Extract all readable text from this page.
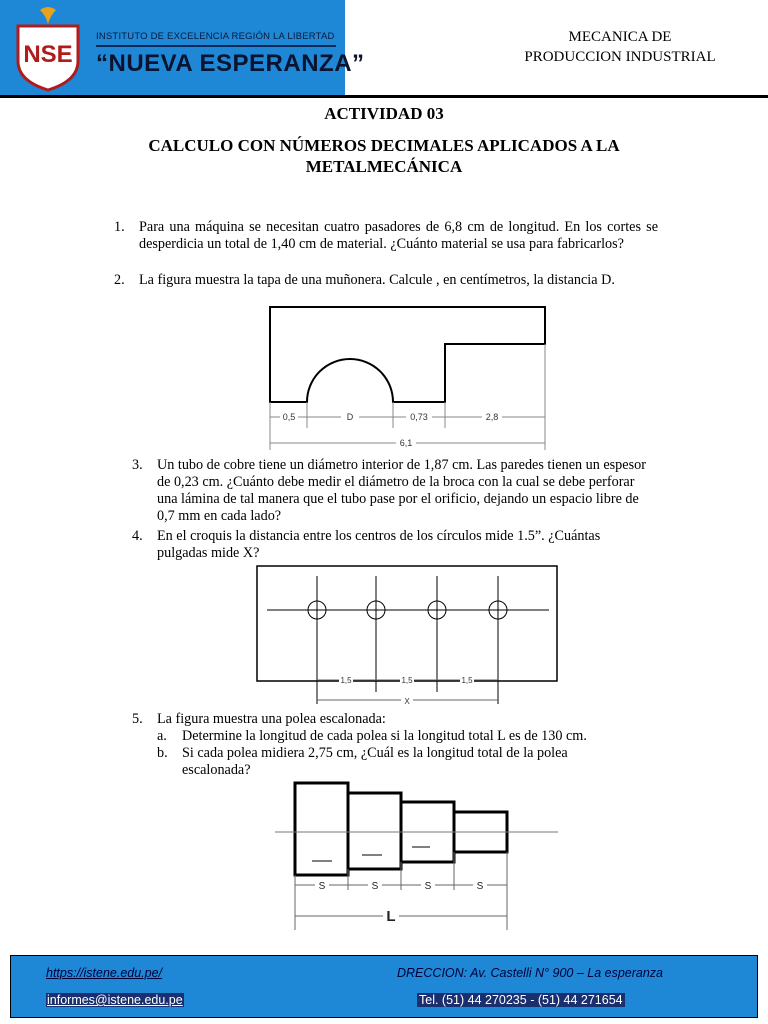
NSE
INSTITUTO DE EXCELENCIA REGIÓN LA LIBERTAD
“NUEVA ESPERANZA”
MECANICA DE
PRODUCCION INDUSTRIAL
ACTIVIDAD 03
CALCULO CON NÚMEROS DECIMALES APLICADOS A LA
METALMECÁNICA
1. Para una máquina se necesitan cuatro pasadores de 6,8 cm de longitud. En los cortes se desperdicia un total de 1,40 cm de material. ¿Cuánto material se usa para fabricarlos?
2. La figura muestra la tapa de una muñonera. Calcule , en centímetros, la distancia D.
0,5	D	0,73	2,8
6,1
3. Un tubo de cobre tiene un diámetro interior de 1,87 cm. Las paredes tienen un espesor de 0,23 cm. ¿Cuánto debe medir el diámetro de la broca con la cual se debe perforar una lámina de tal manera que el tubo pase por el orificio, dejando un espacio libre de 0,7 mm en cada lado?
4. En el croquis la distancia entre los centros de los círculos mide 1.5”. ¿Cuántas pulgadas mide X?
1,5	1,5	1,5
X
5. La figura muestra una polea escalonada:
a. Determine la longitud de cada polea si la longitud total L es de 130 cm.
b. Si cada polea midiera 2,75 cm, ¿Cuál es la longitud total de la polea escalonada?
S	S	S	S
L
https://istene.edu.pe/	DRECCION: Av. Castelli N° 900 – La esperanza
informes@istene.edu.pe	Tel. (51) 44 270235 - (51) 44 271654
